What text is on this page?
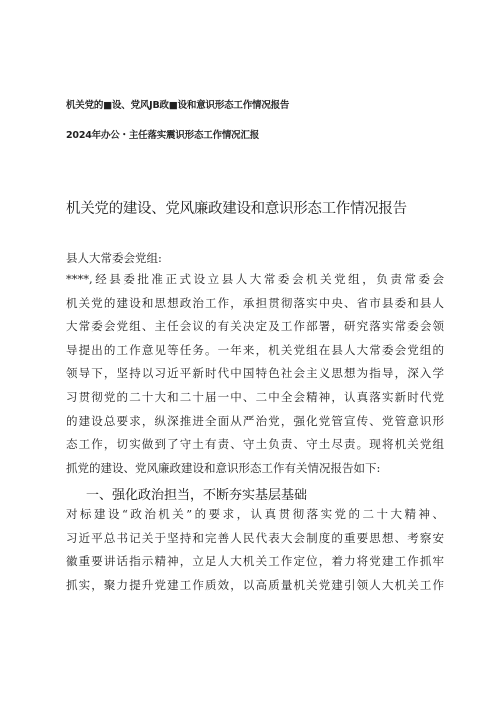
机关党的■设、党风JB政■设和意识形态工作情况报告
2024年办公・主任落实震识形态工作情况汇报
机关党的建设、党风廉政建设和意识形态工作情况报告
县人大常委会党组:
****,经县委批准正式设立县人大常委会机关党组，负责常委会
机关党的建设和思想政治工作，承担贯彻落实中央、省市县委和县人
大常委会党组、主任会议的有关决定及工作部署，研究落实常委会领
导提出的工作意见等任务。一年来，机关党组在县人大常委会党组的
领导下，坚持以习近平新时代中国特色社会主义思想为指导，深入学
习贯彻党的二十大和二十届一中、二中全会精神，认真落实新时代党
的建设总要求，纵深推进全面从严治党，强化党管宣传、党管意识形
态工作，切实做到了守土有责、守土负责、守土尽责。现将机关党组
抓党的建设、党风廉政建设和意识形态工作有关情况报告如下:
一、强化政治担当，不断夯实基层基础
对标建设“政治机关”的要求，认真贯彻落实党的二十大精神、
习近平总书记关于坚持和完善人民代表大会制度的重要思想、考察安
徽重要讲话指示精神，立足人大机关工作定位，着力将党建工作抓牢
抓实，聚力提升党建工作质效，以高质量机关党建引领人大机关工作
